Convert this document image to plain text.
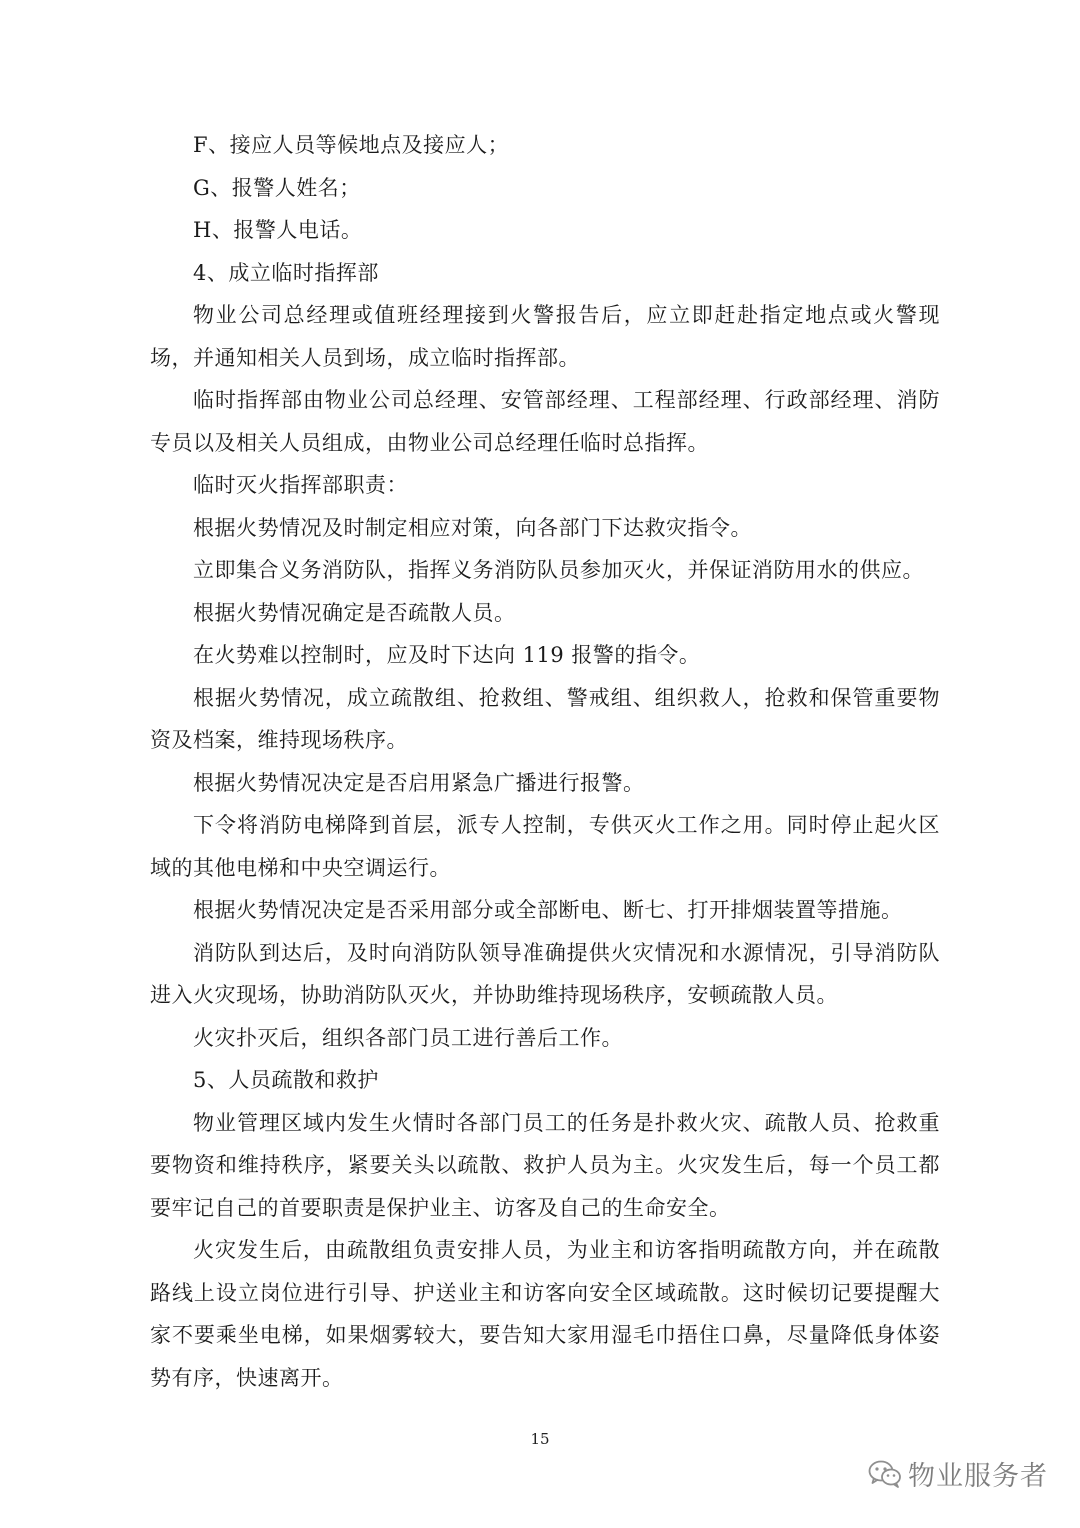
F、接应人员等候地点及接应人；

G、报警人姓名；

H、报警人电话。

4、成立临时指挥部

物业公司总经理或值班经理接到火警报告后，应立即赶赴指定地点或火警现场，并通知相关人员到场，成立临时指挥部。

临时指挥部由物业公司总经理、安管部经理、工程部经理、行政部经理、消防专员以及相关人员组成，由物业公司总经理任临时总指挥。

临时灭火指挥部职责：

根据火势情况及时制定相应对策，向各部门下达救灾指令。

立即集合义务消防队，指挥义务消防队员参加灭火，并保证消防用水的供应。

根据火势情况确定是否疏散人员。

在火势难以控制时，应及时下达向 119 报警的指令。

根据火势情况，成立疏散组、抢救组、警戒组、组织救人，抢救和保管重要物资及档案，维持现场秩序。

根据火势情况决定是否启用紧急广播进行报警。

下令将消防电梯降到首层，派专人控制，专供灭火工作之用。同时停止起火区域的其他电梯和中央空调运行。

根据火势情况决定是否采用部分或全部断电、断七、打开排烟装置等措施。

消防队到达后，及时向消防队领导准确提供火灾情况和水源情况，引导消防队进入火灾现场，协助消防队灭火，并协助维持现场秩序，安顿疏散人员。

火灾扑灭后，组织各部门员工进行善后工作。

5、人员疏散和救护

物业管理区域内发生火情时各部门员工的任务是扑救火灾、疏散人员、抢救重要物资和维持秩序，紧要关头以疏散、救护人员为主。火灾发生后，每一个员工都要牢记自己的首要职责是保护业主、访客及自己的生命安全。

火灾发生后，由疏散组负责安排人员，为业主和访客指明疏散方向，并在疏散路线上设立岗位进行引导、护送业主和访客向安全区域疏散。这时候切记要提醒大家不要乘坐电梯，如果烟雾较大，要告知大家用湿毛巾捂住口鼻，尽量降低身体姿势有序，快速离开。

15
物业服务者
